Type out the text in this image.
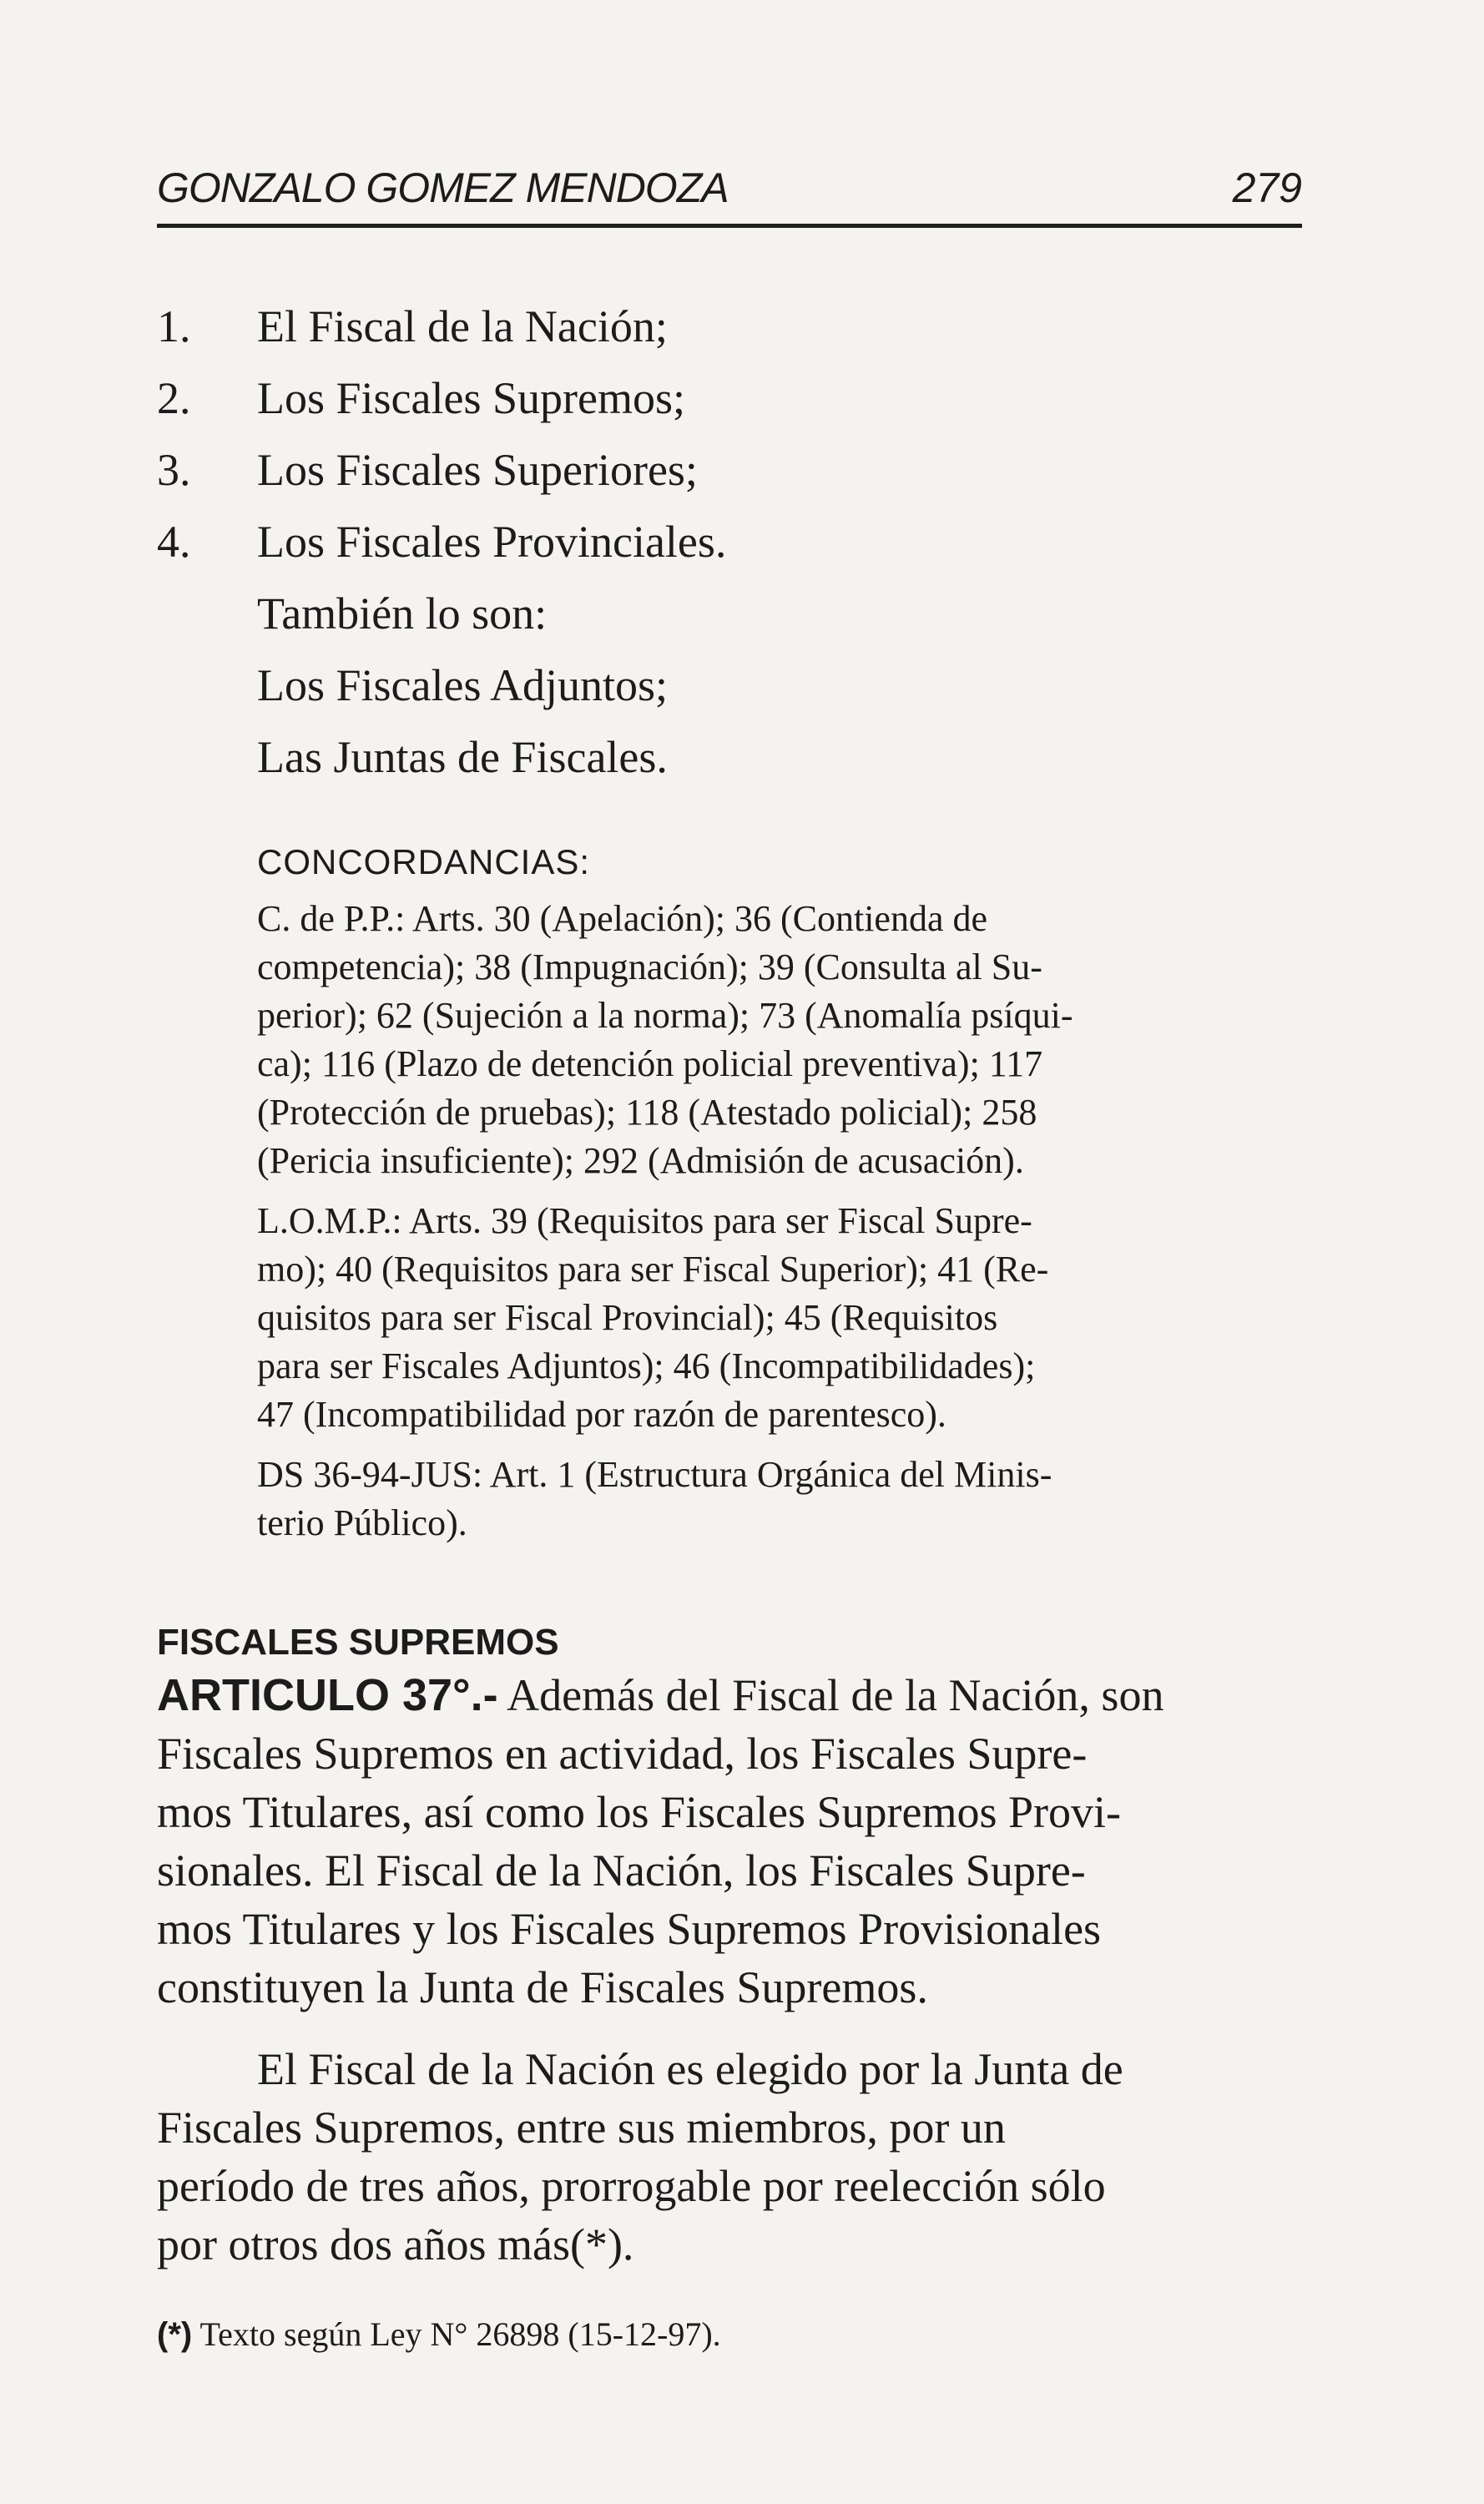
GONZALO GOMEZ MENDOZA	279
1. El Fiscal de la Nación;
2. Los Fiscales Supremos;
3. Los Fiscales Superiores;
4. Los Fiscales Provinciales.
También lo son:
Los Fiscales Adjuntos;
Las Juntas de Fiscales.
CONCORDANCIAS:
C. de P.P.: Arts. 30 (Apelación); 36 (Contienda de
competencia); 38 (Impugnación); 39 (Consulta al Su-
perior); 62 (Sujeción a la norma); 73 (Anomalía psíqui-
ca); 116 (Plazo de detención policial preventiva); 117
(Protección de pruebas); 118 (Atestado policial); 258
(Pericia insuficiente); 292 (Admisión de acusación).
L.O.M.P.: Arts. 39 (Requisitos para ser Fiscal Supre-
mo); 40 (Requisitos para ser Fiscal Superior); 41 (Re-
quisitos para ser Fiscal Provincial); 45 (Requisitos
para ser Fiscales Adjuntos); 46 (Incompatibilidades);
47 (Incompatibilidad por razón de parentesco).
DS 36-94-JUS: Art. 1 (Estructura Orgánica del Minis-
terio Público).
FISCALES SUPREMOS
ARTICULO 37°.- Además del Fiscal de la Nación, son
Fiscales Supremos en actividad, los Fiscales Supre-
mos Titulares, así como los Fiscales Supremos Provi-
sionales. El Fiscal de la Nación, los Fiscales Supre-
mos Titulares y los Fiscales Supremos Provisionales
constituyen la Junta de Fiscales Supremos.
El Fiscal de la Nación es elegido por la Junta de
Fiscales Supremos, entre sus miembros, por un
período de tres años, prorrogable por reelección sólo
por otros dos años más(*).
(*) Texto según Ley N° 26898 (15-12-97).
